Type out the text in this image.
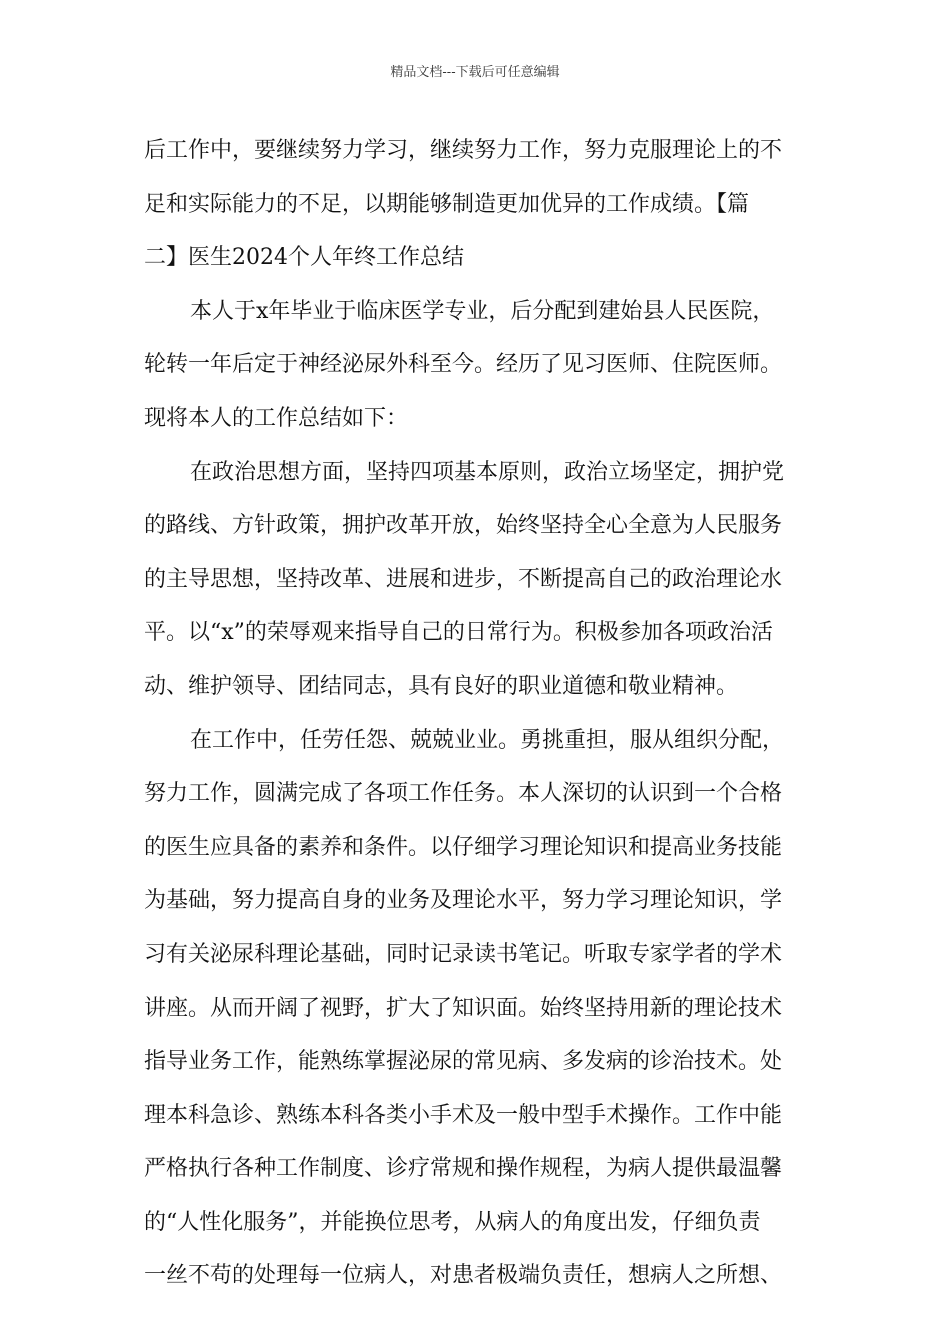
精品文档---下载后可任意编辑
后工作中，要继续努力学习，继续努力工作，努力克服理论上的不
足和实际能力的不足，以期能够制造更加优异的工作成绩。【篇
二】医生2024个人年终工作总结
本人于x年毕业于临床医学专业，后分配到建始县人民医院，
轮转一年后定于神经泌尿外科至今。经历了见习医师、住院医师。
现将本人的工作总结如下：
在政治思想方面，坚持四项基本原则，政治立场坚定，拥护党
的路线、方针政策，拥护改革开放，始终坚持全心全意为人民服务
的主导思想，坚持改革、进展和进步，不断提高自己的政治理论水
平。以“x”的荣辱观来指导自己的日常行为。积极参加各项政治活
动、维护领导、团结同志，具有良好的职业道德和敬业精神。
在工作中，任劳任怨、兢兢业业。勇挑重担，服从组织分配，
努力工作，圆满完成了各项工作任务。本人深切的认识到一个合格
的医生应具备的素养和条件。以仔细学习理论知识和提高业务技能
为基础，努力提高自身的业务及理论水平，努力学习理论知识，学
习有关泌尿科理论基础，同时记录读书笔记。听取专家学者的学术
讲座。从而开阔了视野，扩大了知识面。始终坚持用新的理论技术
指导业务工作，能熟练掌握泌尿的常见病、多发病的诊治技术。处
理本科急诊、熟练本科各类小手术及一般中型手术操作。工作中能
严格执行各种工作制度、诊疗常规和操作规程，为病人提供最温馨
的“人性化服务”，并能换位思考，从病人的角度出发，仔细负责
一丝不苟的处理每一位病人，对患者极端负责任，想病人之所想、
